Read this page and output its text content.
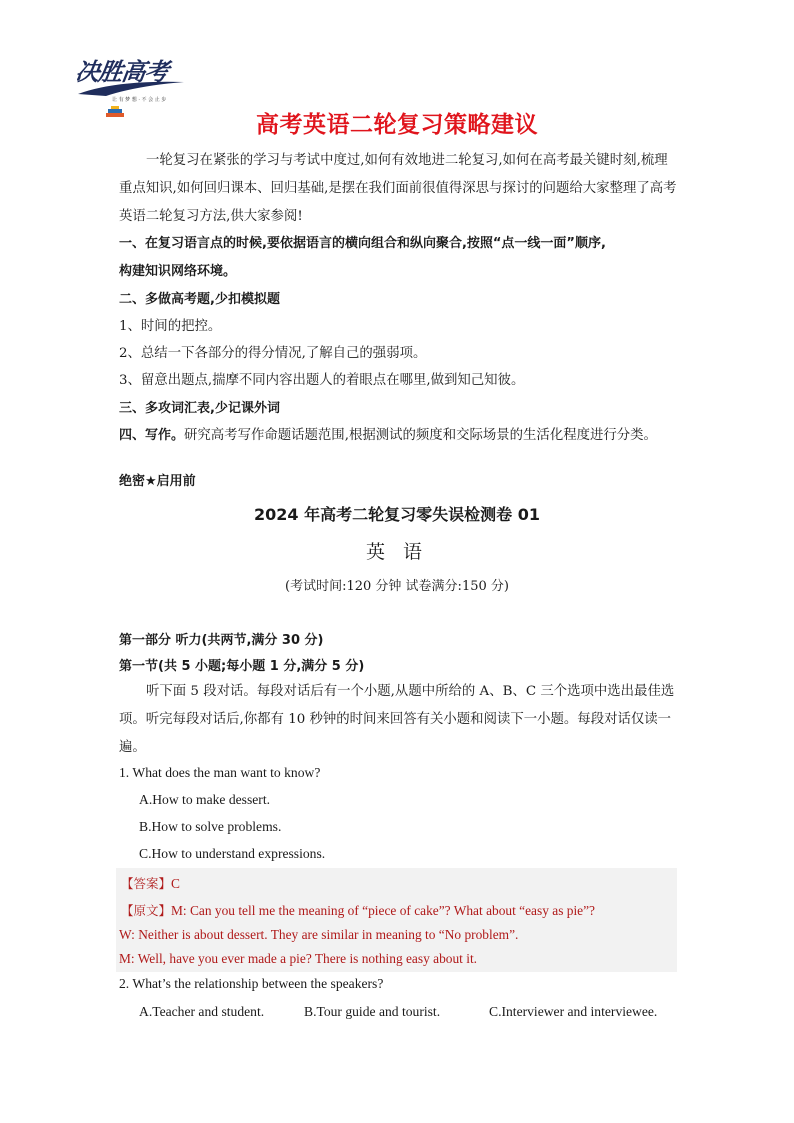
决胜高考
让 有 梦 想 · 不 会 止 步
高考英语二轮复习策略建议
一轮复习在紧张的学习与考试中度过,如何有效地进二轮复习,如何在高考最关键时刻,梳理重点知识,如何回归课本、回归基础,是摆在我们面前很值得深思与探讨的问题给大家整理了高考英语二轮复习方法,供大家参阅!
一、在复习语言点的时候,要依据语言的横向组合和纵向聚合,按照“点一线一面”顺序,
构建知识网络环境。
二、多做高考题,少扣模拟题
1、时间的把控。
2、总结一下各部分的得分情况,了解自己的强弱项。
3、留意出题点,揣摩不同内容出题人的着眼点在哪里,做到知己知彼。
三、多攻词汇表,少记课外词
四、写作。研究高考写作命题话题范围,根据测试的频度和交际场景的生活化程度进行分类。
绝密★启用前
2024 年高考二轮复习零失误检测卷 01
英 语
(考试时间:120 分钟 试卷满分:150 分)
第一部分 听力(共两节,满分 30 分)
第一节(共 5 小题;每小题 1 分,满分 5 分)
听下面 5 段对话。每段对话后有一个小题,从题中所给的 A、B、C 三个选项中选出最佳选项。听完每段对话后,你都有 10 秒钟的时间来回答有关小题和阅读下一小题。每段对话仅读一遍。
1. What does the man want to know?
A.How to make dessert.
B.How to solve problems.
C.How to understand expressions.
【答案】C
【原文】M: Can you tell me the meaning of “piece of cake”? What about “easy as pie”?
W: Neither is about dessert. They are similar in meaning to “No problem”.
M: Well, have you ever made a pie? There is nothing easy about it.
2. What’s the relationship between the speakers?
A.Teacher and student.	B.Tour guide and tourist.	C.Interviewer and interviewee.
